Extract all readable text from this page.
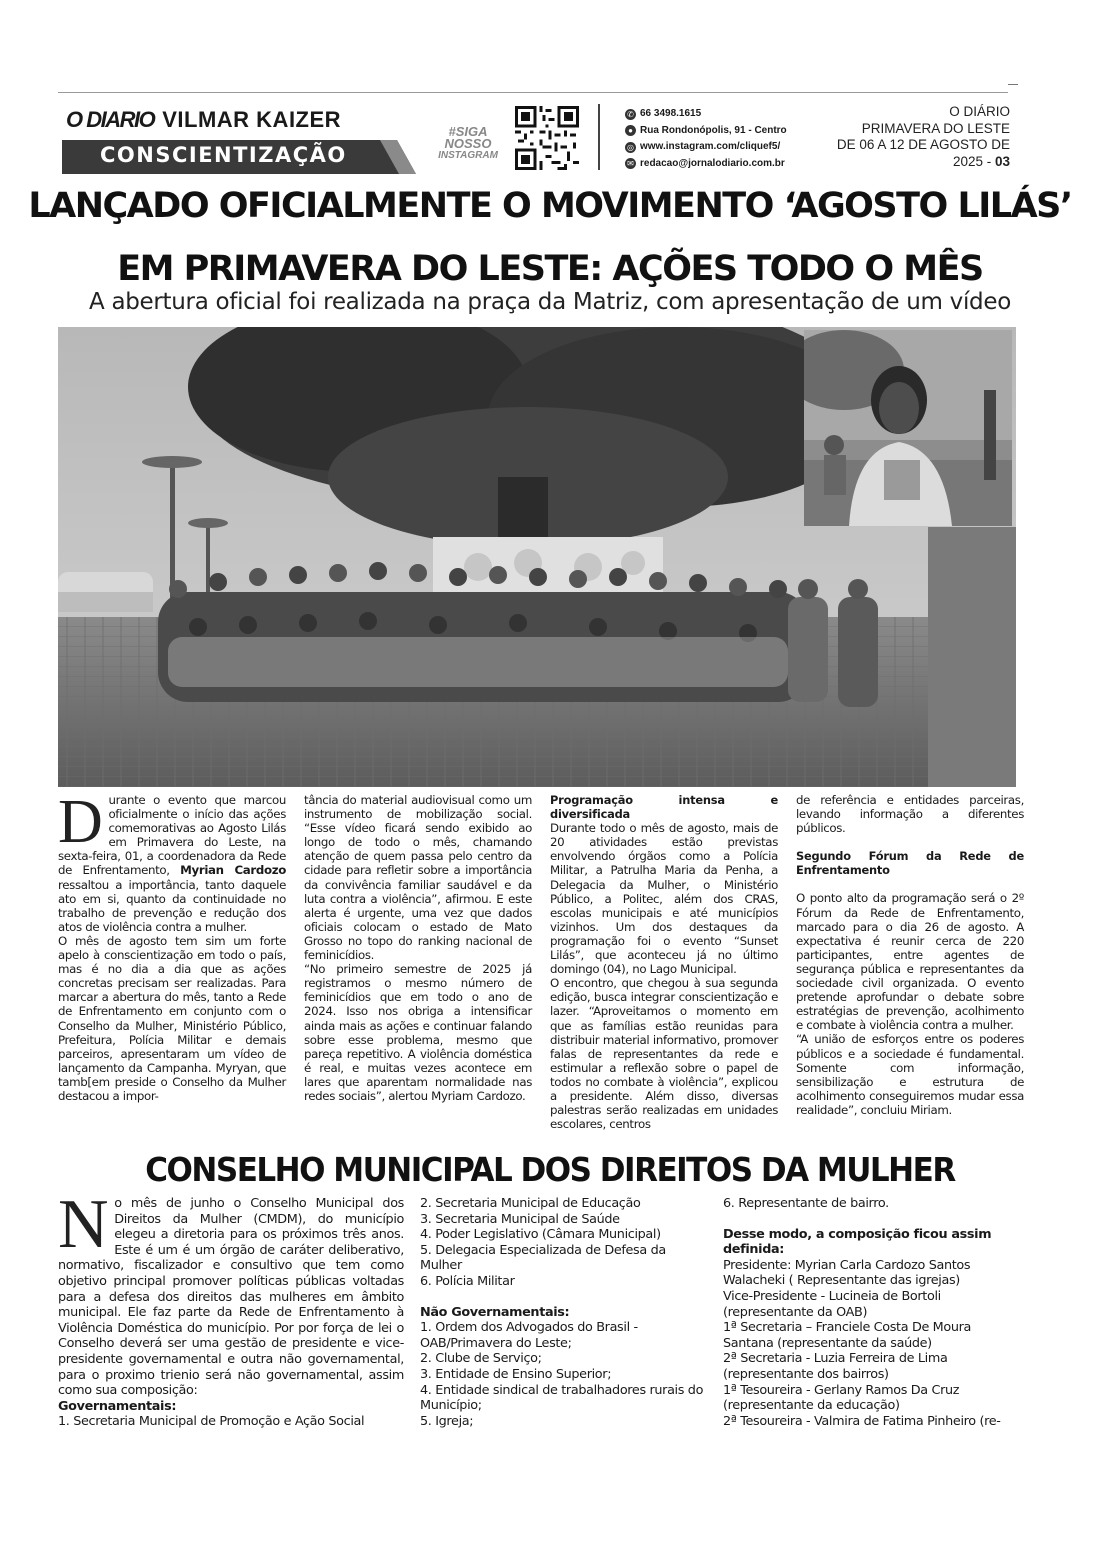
O DIARIO VILMAR KAIZER
CONSCIENTIZAÇÃO
#SIGA
NOSSO
INSTAGRAM
✆ 66 3498.1615
● Rua Rondonópolis, 91 - Centro
◎ www.instagram.com/cliquef5/
✉ redacao@jornalodiario.com.br
O DIÁRIO
PRIMAVERA DO LESTE
DE 06 A 12 DE AGOSTO DE
2025 - 03
LANÇADO OFICIALMENTE O MOVIMENTO ‘AGOSTO LILÁS’
EM PRIMAVERA DO LESTE: AÇÕES TODO O MÊS
A abertura oficial foi realizada na praça da Matriz, com apresentação de um vídeo

Durante o evento que marcou oficialmente o início das ações comemorativas ao Agosto Lilás em Primavera do Leste, na sexta-feira, 01, a coordenadora da Rede de Enfrentamento, Myrian Cardozo ressaltou a importância, tanto daquele ato em si, quanto da continuidade no trabalho de prevenção e redução dos atos de violência contra a mulher.

O mês de agosto tem sim um forte apelo à conscientização em todo o país, mas é no dia a dia que as ações concretas precisam ser realizadas. Para marcar a abertura do mês, tanto a Rede de Enfrentamento em conjunto com o Conselho da Mulher, Ministério Público, Prefeitura, Polícia Militar e demais parceiros, apresentaram um vídeo de lançamento da Campanha. Myryan, que tamb[em preside o Conselho da Mulher destacou a impor-

tância do material audiovisual como um instrumento de mobilização social. “Esse vídeo ficará sendo exibido ao longo de todo o mês, chamando atenção de quem passa pelo centro da cidade para refletir sobre a importância da convivência familiar saudável e da luta contra a violência”, afirmou. E este alerta é urgente, uma vez que dados oficiais colocam o estado de Mato Grosso no topo do ranking nacional de feminicídios.

“No primeiro semestre de 2025 já registramos o mesmo número de feminicídios que em todo o ano de 2024. Isso nos obriga a intensificar ainda mais as ações e continuar falando sobre esse problema, mesmo que pareça repetitivo. A violência doméstica é real, e muitas vezes acontece em lares que aparentam normalidade nas redes sociais”, alertou Myriam Cardozo.

Programação intensa e diversificada

Durante todo o mês de agosto, mais de 20 atividades estão previstas envolvendo órgãos como a Polícia Militar, a Patrulha Maria da Penha, a Delegacia da Mulher, o Ministério Público, a Politec, além dos CRAS, escolas municipais e até municípios vizinhos. Um dos destaques da programação foi o evento “Sunset Lilás”, que aconteceu já no último domingo (04), no Lago Municipal.

O encontro, que chegou à sua segunda edição, busca integrar conscientização e lazer. “Aproveitamos o momento em que as famílias estão reunidas para distribuir material informativo, promover falas de representantes da rede e estimular a reflexão sobre o papel de todos no combate à violência”, explicou a presidente. Além disso, diversas palestras serão realizadas em unidades escolares, centros

de referência e entidades parceiras, levando informação a diferentes públicos.

Segundo Fórum da Rede de Enfrentamento

O ponto alto da programação será o 2º Fórum da Rede de Enfrentamento, marcado para o dia 26 de agosto. A expectativa é reunir cerca de 220 participantes, entre agentes de segurança pública e representantes da sociedade civil organizada. O evento pretende aprofundar o debate sobre estratégias de prevenção, acolhimento e combate à violência contra a mulher.

“A união de esforços entre os poderes públicos e a sociedade é fundamental. Somente com informação, sensibilização e estrutura de acolhimento conseguiremos mudar essa realidade”, concluiu Miriam.

CONSELHO MUNICIPAL DOS DIREITOS DA MULHER

No mês de junho o Conselho Municipal dos Direitos da Mulher (CMDM), do município elegeu a diretoria para os próximos três anos. Este é um é um órgão de caráter deliberativo, normativo, fiscalizador e consultivo que tem como objetivo principal promover políticas públicas voltadas para a defesa dos direitos das mulheres em âmbito municipal. Ele faz parte da Rede de Enfrentamento à Violência Doméstica do município. Por por força de lei o Conselho deverá ser uma gestão de presidente e vice-presidente governamental e outra não governamental, para o proximo trienio será não governamental, assim como sua composição:

Governamentais:

1. Secretaria Municipal de Promoção e Ação Social

2. Secretaria Municipal de Educação

3. Secretaria Municipal de Saúde

4. Poder Legislativo (Câmara Municipal)

5. Delegacia Especializada de Defesa da Mulher

6. Polícia Militar

Não Governamentais:

1. Ordem dos Advogados do Brasil - OAB/Primavera do Leste;

2. Clube de Serviço;

3. Entidade de Ensino Superior;

4. Entidade sindical de trabalhadores rurais do Município;

5. Igreja;

6. Representante de bairro.

Desse modo, a composição ficou assim definida:

Presidente: Myrian Carla Cardozo Santos Walacheki ( Representante das igrejas)

Vice-Presidente - Lucineia de Bortoli (representante da OAB)

1ª Secretaria – Franciele Costa De Moura Santana (representante da saúde)

2ª Secretaria - Luzia Ferreira de Lima (representante dos bairros)

1ª Tesoureira - Gerlany Ramos Da Cruz (representante da educação)

2ª Tesoureira - Valmira de Fatima Pinheiro (re-
